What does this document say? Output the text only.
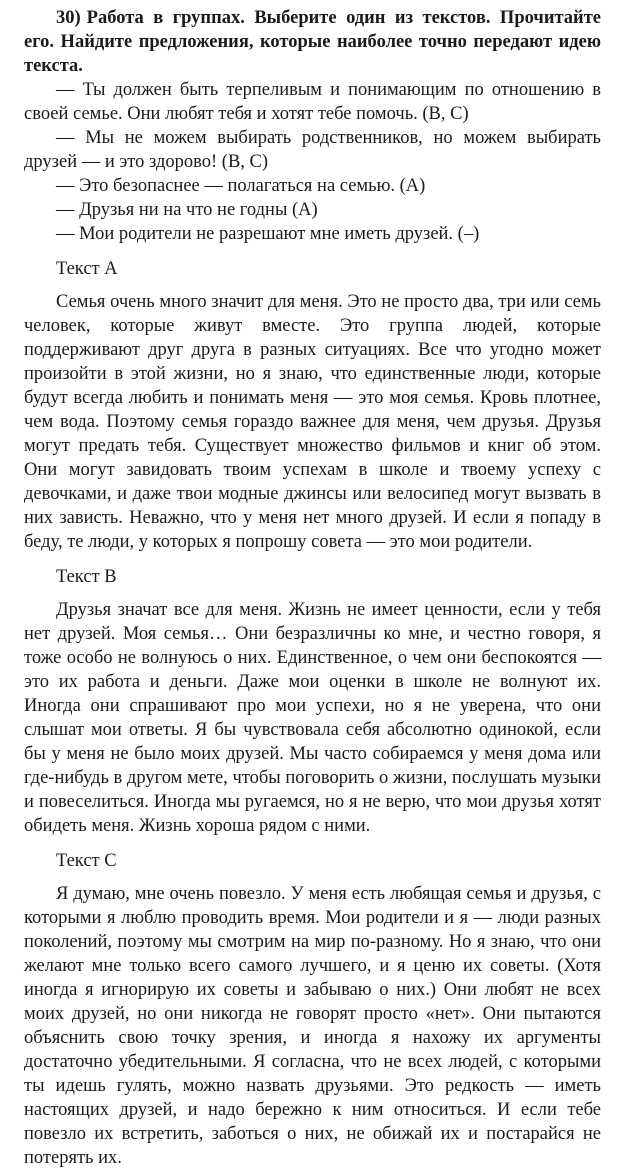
30) Работа в группах. Выберите один из текстов. Прочитайте его. Найдите предложения, которые наиболее точно передают идею текста.

— Ты должен быть терпеливым и понимающим по отношению в своей семье. Они любят тебя и хотят тебе помочь. (B, C)

— Мы не можем выбирать родственников, но можем выбирать друзей — и это здорово! (B, C)

— Это безопаснее — полагаться на семью. (A)

— Друзья ни на что не годны (A)

— Мои родители не разрешают мне иметь друзей. (–)

Текст A

Семья очень много значит для меня. Это не просто два, три или семь человек, которые живут вместе. Это группа людей, которые поддерживают друг друга в разных ситуациях. Все что угодно может произойти в этой жизни, но я знаю, что единственные люди, которые будут всегда любить и понимать меня — это моя семья. Кровь плотнее, чем вода. Поэтому семья гораздо важнее для меня, чем друзья. Друзья могут предать тебя. Существует множество фильмов и книг об этом. Они могут завидовать твоим успехам в школе и твоему успеху с девочками, и даже твои модные джинсы или велосипед могут вызвать в них зависть. Неважно, что у меня нет много друзей. И если я попаду в беду, те люди, у которых я попрошу совета — это мои родители.

Текст B

Друзья значат все для меня. Жизнь не имеет ценности, если у тебя нет друзей. Моя семья… Они безразличны ко мне, и честно говоря, я тоже особо не волнуюсь о них. Единственное, о чем они беспокоятся — это их работа и деньги. Даже мои оценки в школе не волнуют их. Иногда они спрашивают про мои успехи, но я не уверена, что они слышат мои ответы. Я бы чувствовала себя абсолютно одинокой, если бы у меня не было моих друзей. Мы часто собираемся у меня дома или где-нибудь в другом мете, чтобы поговорить о жизни, послушать музыки и повеселиться. Иногда мы ругаемся, но я не верю, что мои друзья хотят обидеть меня. Жизнь хороша рядом с ними.

Текст C

Я думаю, мне очень повезло. У меня есть любящая семья и друзья, с которыми я люблю проводить время. Мои родители и я — люди разных поколений, поэтому мы смотрим на мир по-разному. Но я знаю, что они желают мне только всего самого лучшего, и я ценю их советы. (Хотя иногда я игнорирую их советы и забываю о них.) Они любят не всех моих друзей, но они никогда не говорят просто «нет». Они пытаются объяснить свою точку зрения, и иногда я нахожу их аргументы достаточно убедительными. Я согласна, что не всех людей, с которыми ты идешь гулять, можно назвать друзьями. Это редкость — иметь настоящих друзей, и надо бережно к ним относиться. И если тебе повезло их встретить, заботься о них, не обижай их и постарайся не потерять их.
